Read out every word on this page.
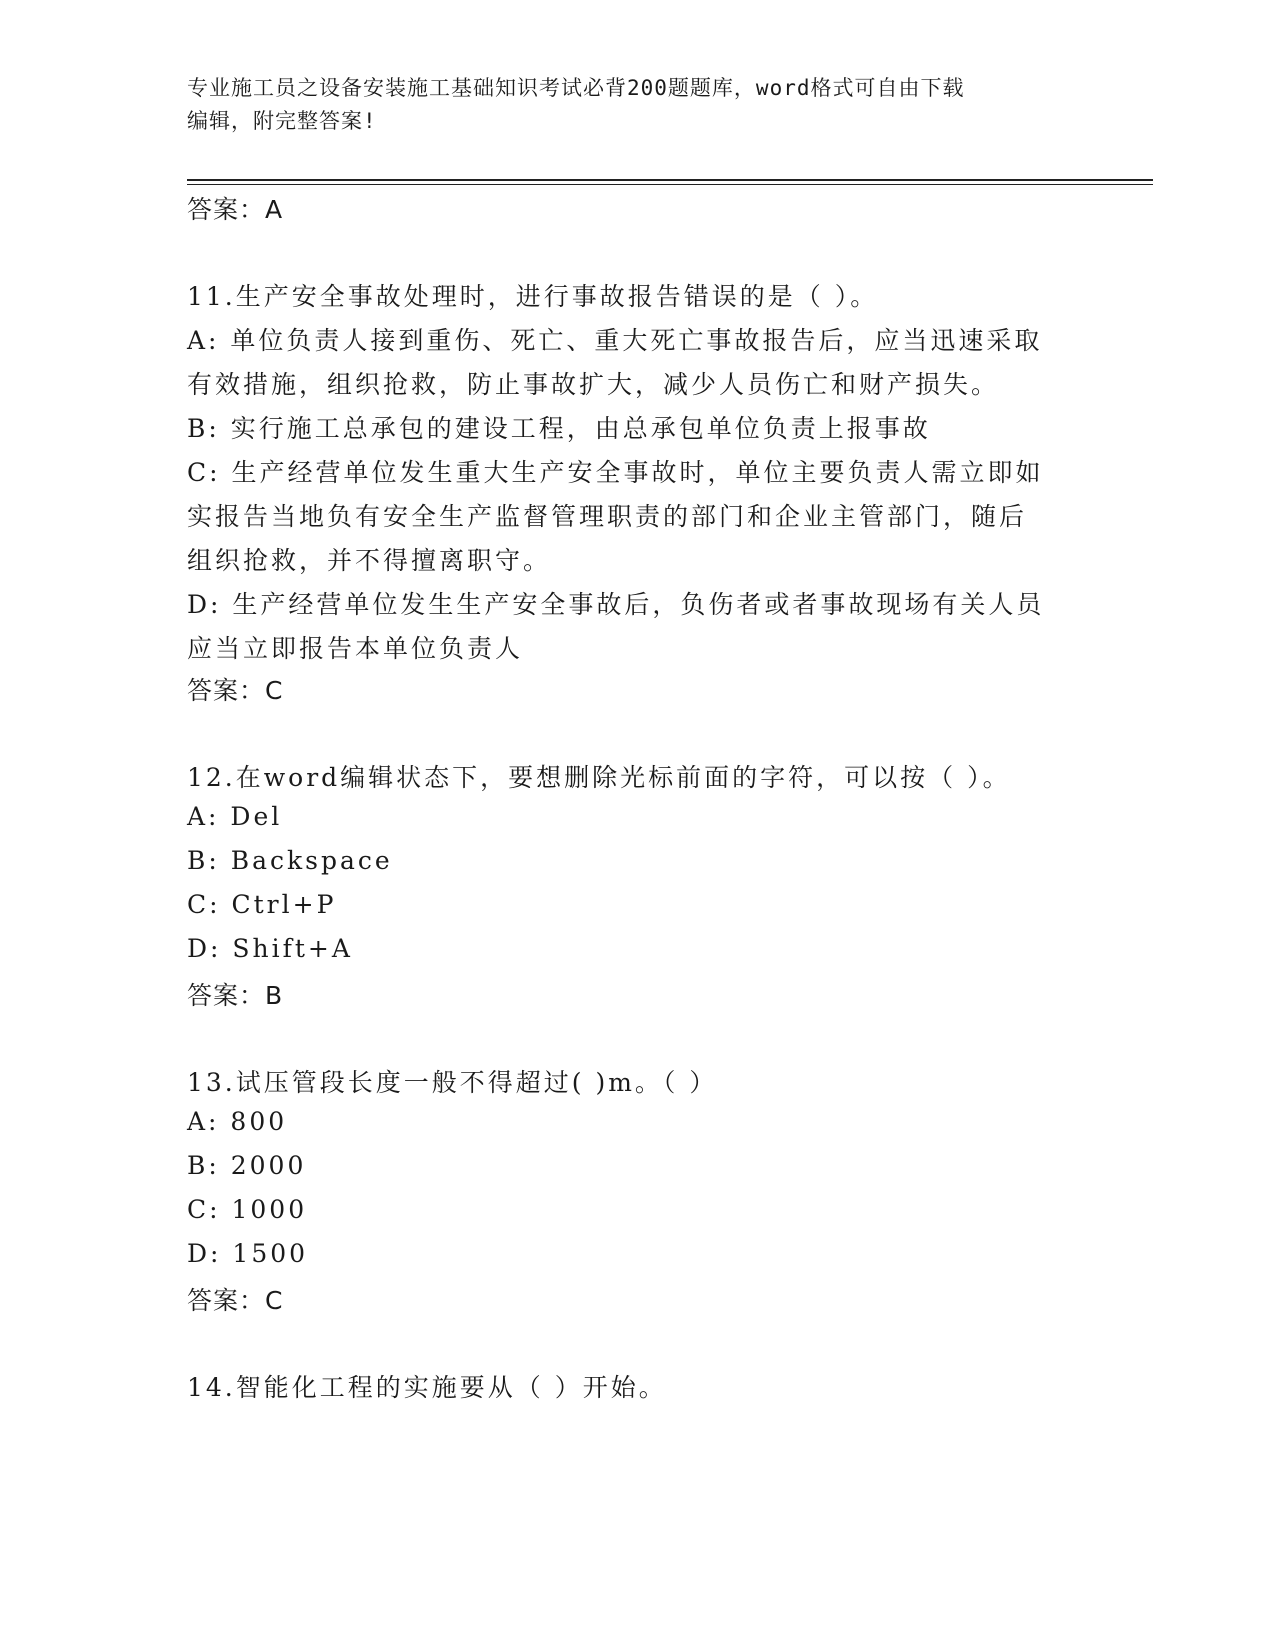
专业施工员之设备安装施工基础知识考试必背200题题库，word格式可自由下载
编辑，附完整答案!
答案：A
11.生产安全事故处理时，进行事故报告错误的是（ ）。
A: 单位负责人接到重伤、死亡、重大死亡事故报告后，应当迅速采取
有效措施，组织抢救，防止事故扩大，减少人员伤亡和财产损失。
B: 实行施工总承包的建设工程，由总承包单位负责上报事故
C: 生产经营单位发生重大生产安全事故时，单位主要负责人需立即如
实报告当地负有安全生产监督管理职责的部门和企业主管部门，随后
组织抢救，并不得擅离职守。
D: 生产经营单位发生生产安全事故后，负伤者或者事故现场有关人员
应当立即报告本单位负责人
答案：C
12.在word编辑状态下，要想删除光标前面的字符，可以按（ ）。
A: Del
B: Backspace
C: Ctrl+P
D: Shift+A
答案：B
13.试压管段长度一般不得超过( )m。（ ）
A: 800
B: 2000
C: 1000
D: 1500
答案：C
14.智能化工程的实施要从（ ）开始。
